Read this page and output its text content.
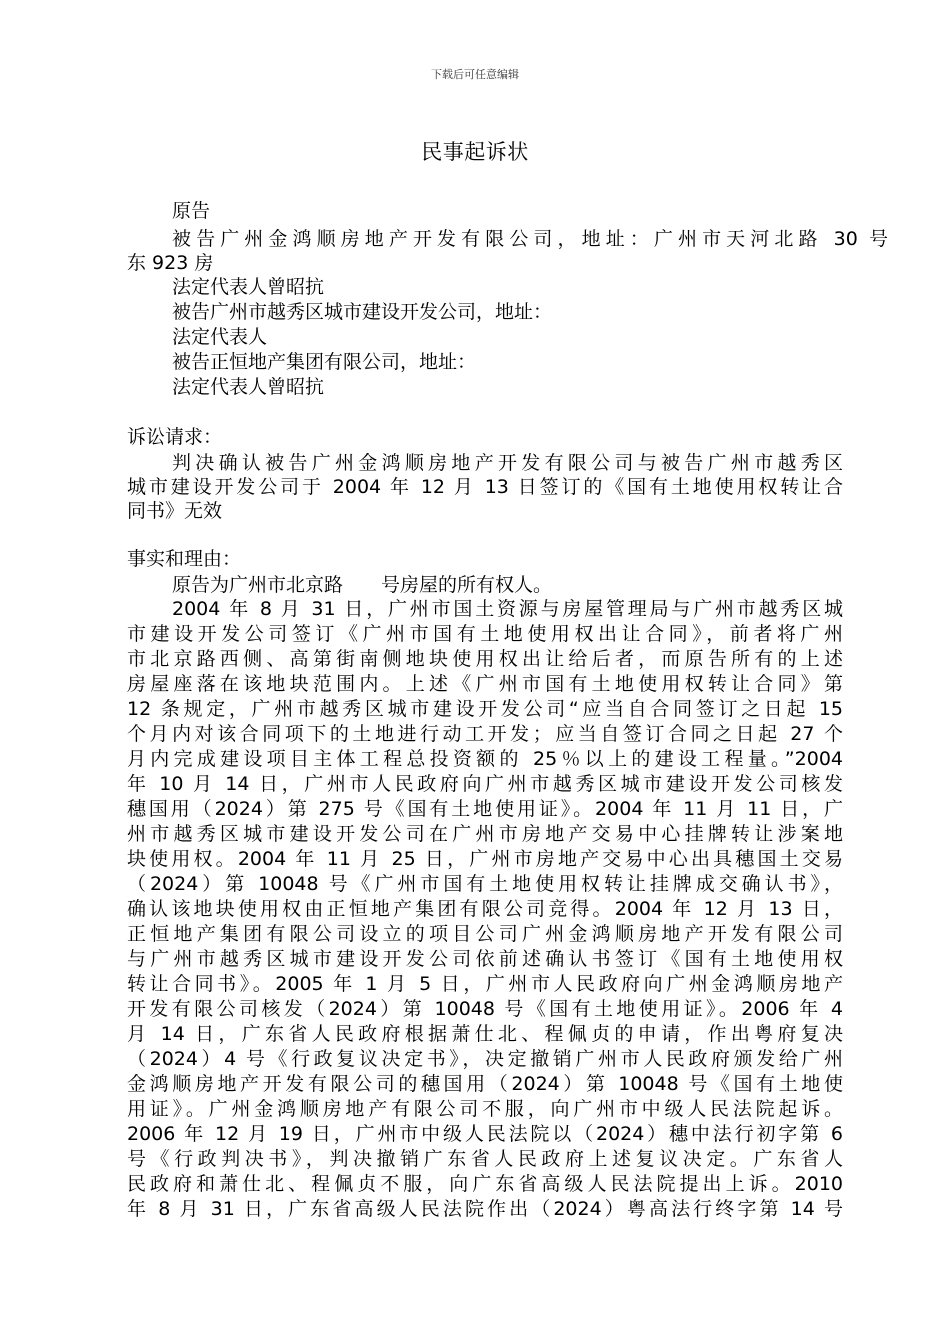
下载后可任意编辑
民事起诉状
原告
被告广州金鸿顺房地产开发有限公司，地址：广州市天河北路 30 号
东 923 房
法定代表人曾昭抗
被告广州市越秀区城市建设开发公司，地址：
法定代表人
被告正恒地产集团有限公司，地址：
法定代表人曾昭抗
诉讼请求：
判决确认被告广州金鸿顺房地产开发有限公司与被告广州市越秀区
城市建设开发公司于 2004 年 12 月 13 日签订的《国有土地使用权转让合
同书》无效
事实和理由：
原告为广州市北京路　　号房屋的所有权人。
2004 年 8 月 31 日，广州市国土资源与房屋管理局与广州市越秀区城
市建设开发公司签订《广州市国有土地使用权出让合同》，前者将广州
市北京路西侧、高第街南侧地块使用权出让给后者，而原告所有的上述
房屋座落在该地块范围内。上述《广州市国有土地使用权转让合同》第
12 条规定，广州市越秀区城市建设开发公司“应当自合同签订之日起 15
个月内对该合同项下的土地进行动工开发；应当自签订合同之日起 27 个
月内完成建设项目主体工程总投资额的 25％以上的建设工程量。”2004
年 10 月 14 日，广州市人民政府向广州市越秀区城市建设开发公司核发
穗国用（2024）第 275 号《国有土地使用证》。2004 年 11 月 11 日，广
州市越秀区城市建设开发公司在广州市房地产交易中心挂牌转让涉案地
块使用权。2004 年 11 月 25 日，广州市房地产交易中心出具穗国土交易
（2024）第 10048 号《广州市国有土地使用权转让挂牌成交确认书》，
确认该地块使用权由正恒地产集团有限公司竞得。2004 年 12 月 13 日，
正恒地产集团有限公司设立的项目公司广州金鸿顺房地产开发有限公司
与广州市越秀区城市建设开发公司依前述确认书签订《国有土地使用权
转让合同书》。2005 年 1 月 5 日，广州市人民政府向广州金鸿顺房地产
开发有限公司核发（2024）第 10048 号《国有土地使用证》。2006 年 4
月 14 日，广东省人民政府根据萧仕北、程佩贞的申请，作出粤府复决
（2024）4 号《行政复议决定书》，决定撤销广州市人民政府颁发给广州
金鸿顺房地产开发有限公司的穗国用（2024）第 10048 号《国有土地使
用证》。广州金鸿顺房地产有限公司不服，向广州市中级人民法院起诉。
2006 年 12 月 19 日，广州市中级人民法院以（2024）穗中法行初字第 6
号《行政判决书》，判决撤销广东省人民政府上述复议决定。广东省人
民政府和萧仕北、程佩贞不服，向广东省高级人民法院提出上诉。2010
年 8 月 31 日，广东省高级人民法院作出（2024）粤高法行终字第 14 号
